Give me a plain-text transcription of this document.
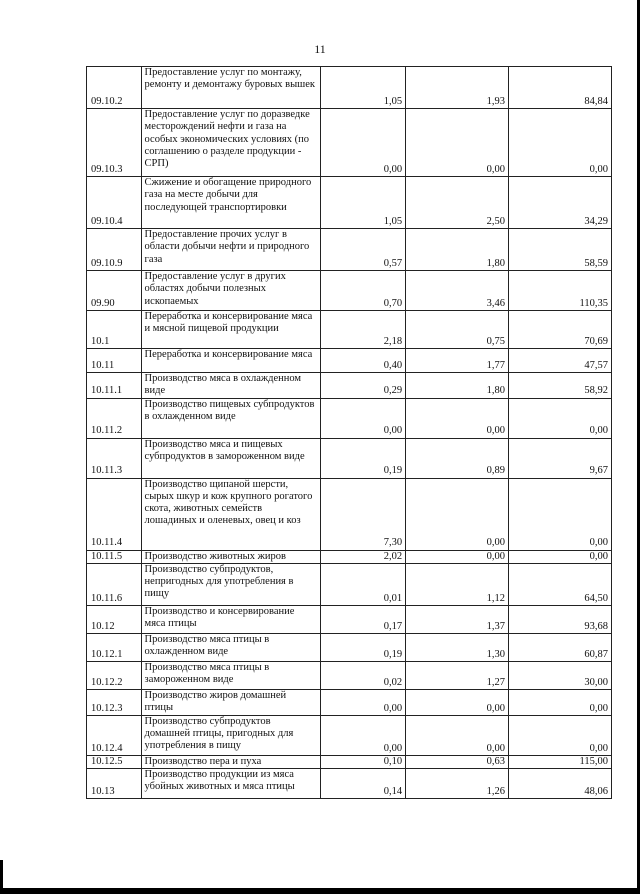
11
09.10.2	Предоставление услуг по монтажу, ремонту и демонтажу буровых вышек	1,05	1,93	84,84
09.10.3	Предоставление услуг по доразведке месторождений нефти и газа на особых экономических условиях (по соглашению о разделе продукции - СРП)	0,00	0,00	0,00
09.10.4	Сжижение и обогащение природного газа на месте добычи для последующей транспортировки	1,05	2,50	34,29
09.10.9	Предоставление прочих услуг в области добычи нефти и природного газа	0,57	1,80	58,59
09.90	Предоставление услуг в других областях добычи полезных ископаемых	0,70	3,46	110,35
10.1	Переработка и консервирование мяса и мясной пищевой продукции	2,18	0,75	70,69
10.11	Переработка и консервирование мяса	0,40	1,77	47,57
10.11.1	Производство мяса в охлажденном виде	0,29	1,80	58,92
10.11.2	Производство пищевых субпродуктов в охлажденном виде	0,00	0,00	0,00
10.11.3	Производство мяса и пищевых субпродуктов в замороженном виде	0,19	0,89	9,67
10.11.4	Производство щипаной шерсти, сырых шкур и кож крупного рогатого скота, животных семейств лошадиных и оленевых, овец и коз	7,30	0,00	0,00
10.11.5	Производство животных жиров	2,02	0,00	0,00
10.11.6	Производство субпродуктов, непригодных для употребления в пищу	0,01	1,12	64,50
10.12	Производство и консервирование мяса птицы	0,17	1,37	93,68
10.12.1	Производство мяса птицы в охлажденном виде	0,19	1,30	60,87
10.12.2	Производство мяса птицы в замороженном виде	0,02	1,27	30,00
10.12.3	Производство жиров домашней птицы	0,00	0,00	0,00
10.12.4	Производство субпродуктов домашней птицы, пригодных для употребления в пищу	0,00	0,00	0,00
10.12.5	Производство пера и пуха	0,10	0,63	115,00
10.13	Производство продукции из мяса убойных животных и мяса птицы	0,14	1,26	48,06
